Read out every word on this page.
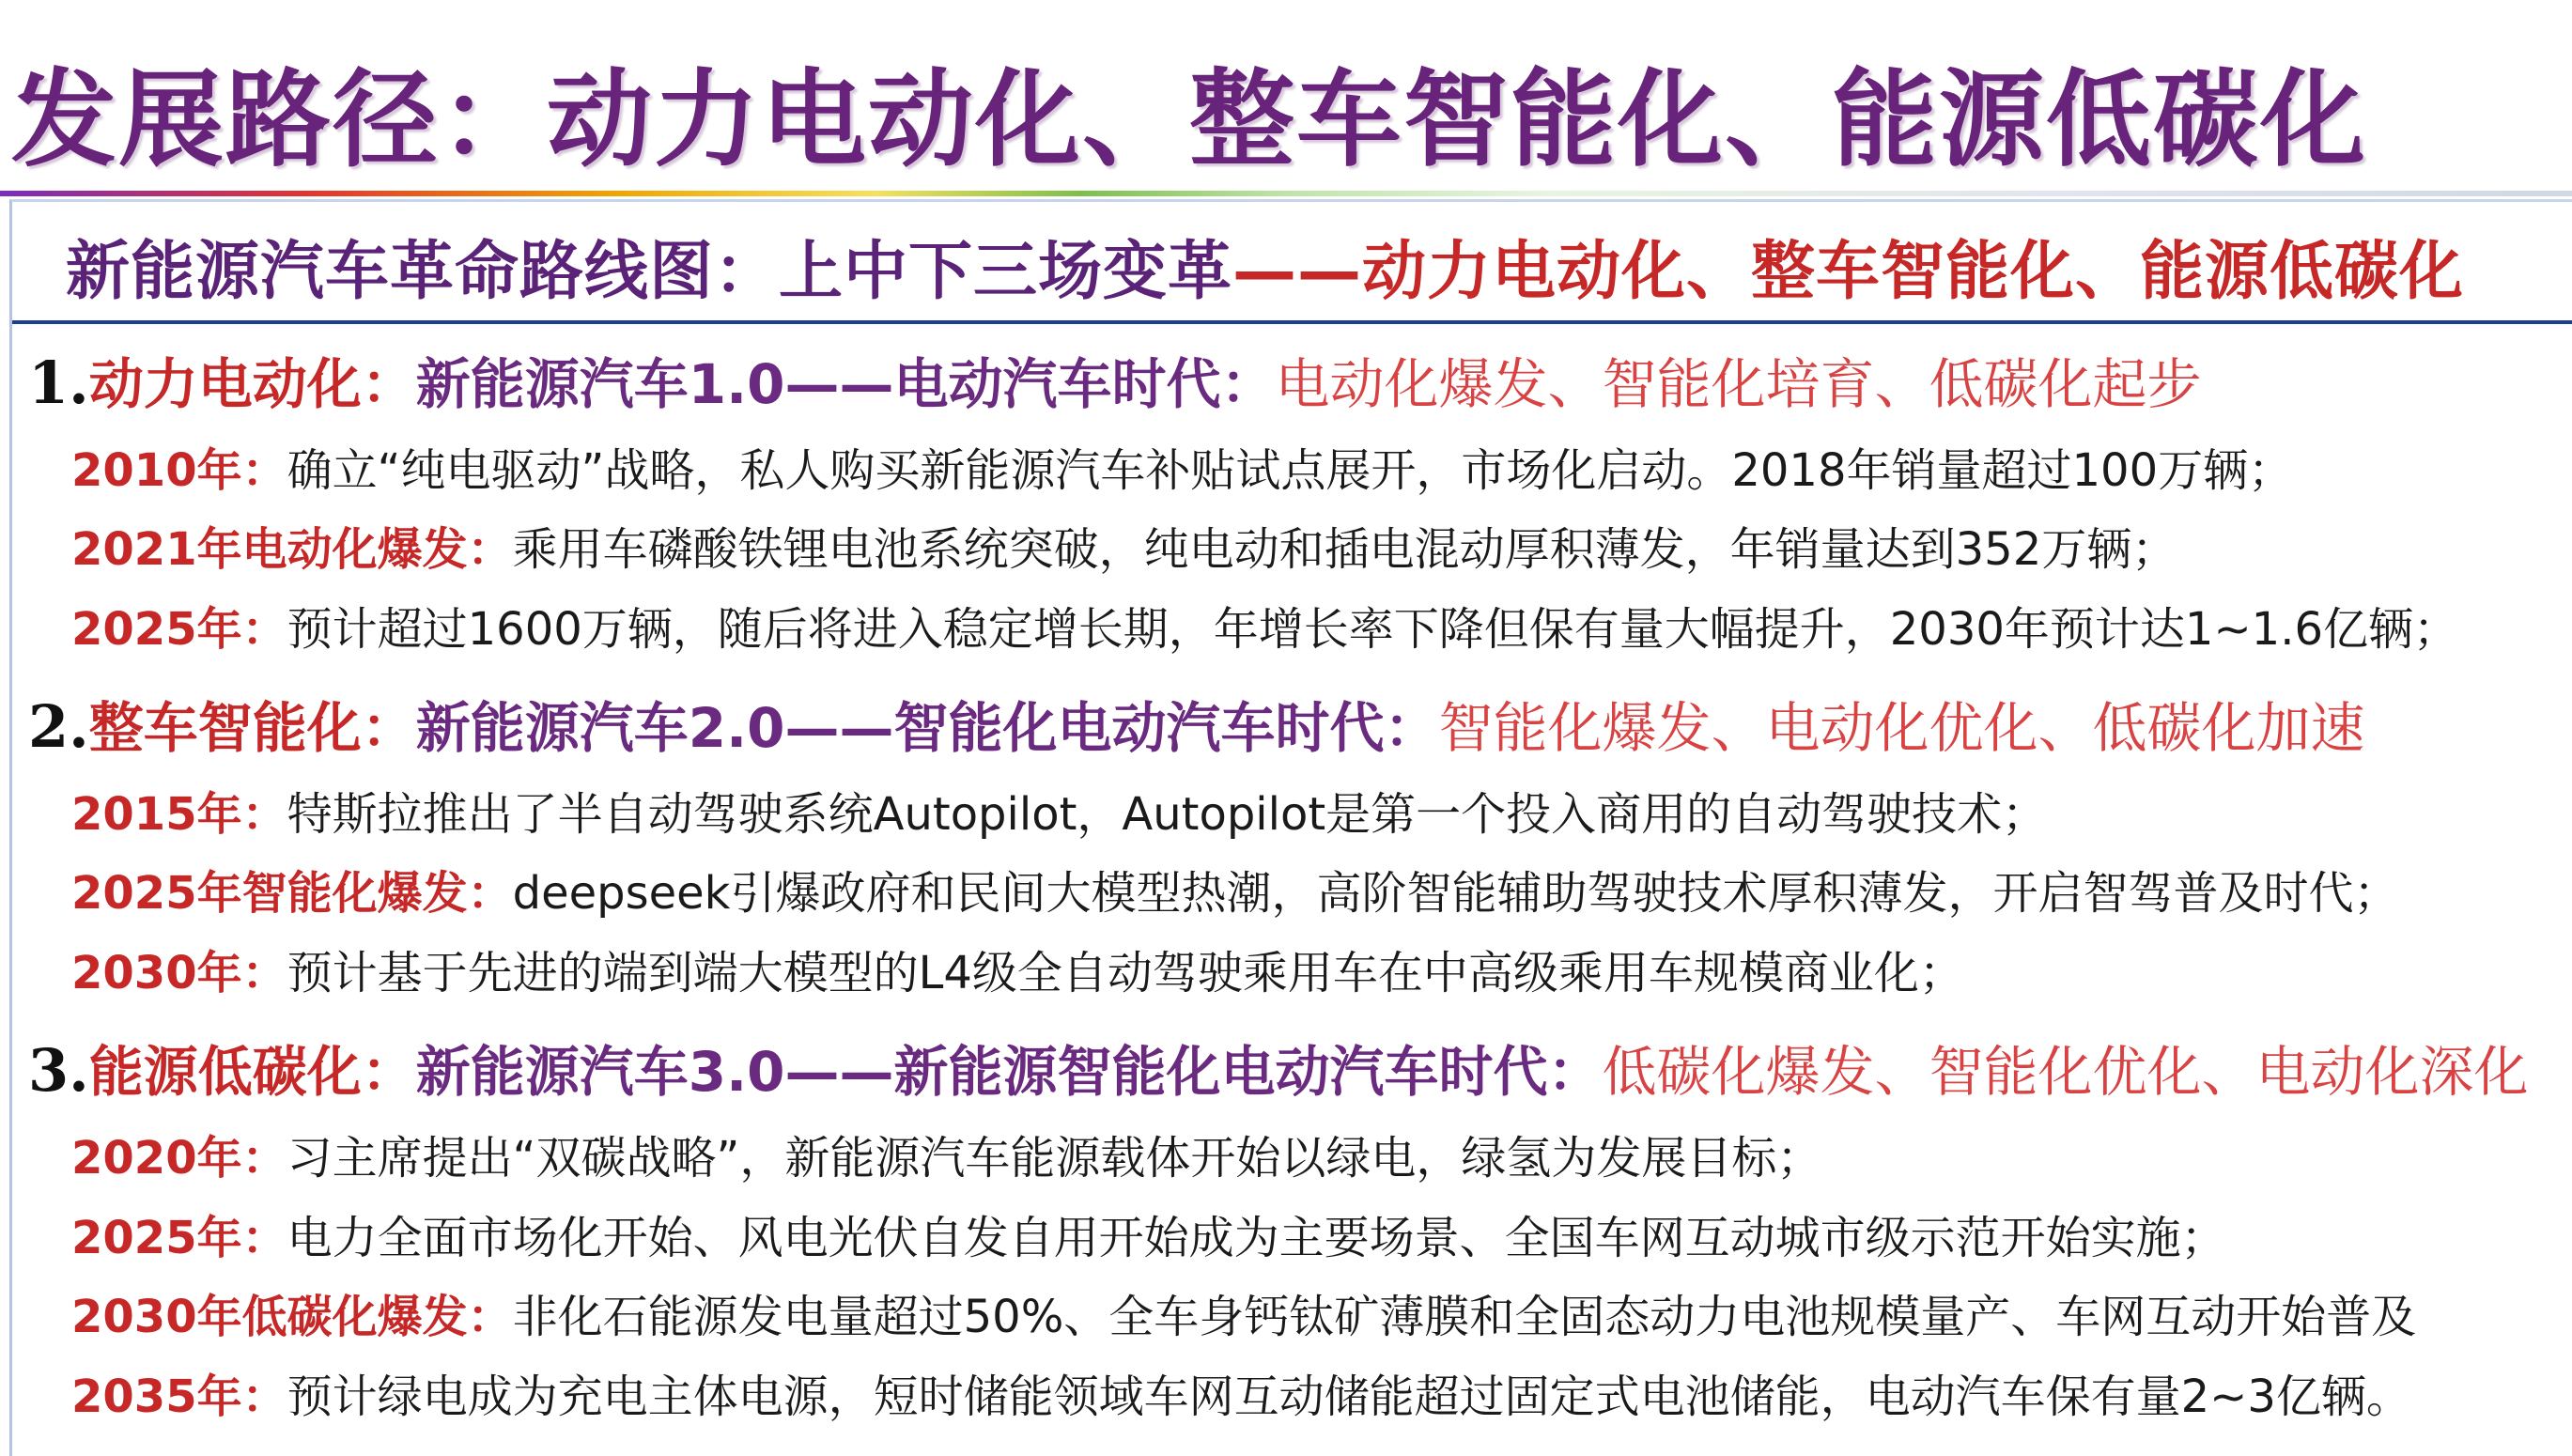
发展路径：动力电动化、整车智能化、能源低碳化

新能源汽车革命路线图：上中下三场变革——动力电动化、整车智能化、能源低碳化

1.动力电动化：新能源汽车1.0——电动汽车时代：电动化爆发、智能化培育、低碳化起步

2010年：确立“纯电驱动”战略，私人购买新能源汽车补贴试点展开，市场化启动。2018年销量超过100万辆；

2021年电动化爆发：乘用车磷酸铁锂电池系统突破，纯电动和插电混动厚积薄发，年销量达到352万辆；

2025年：预计超过1600万辆，随后将进入稳定增长期，年增长率下降但保有量大幅提升，2030年预计达1~1.6亿辆；

2.整车智能化：新能源汽车2.0——智能化电动汽车时代：智能化爆发、电动化优化、低碳化加速

2015年：特斯拉推出了半自动驾驶系统Autopilot，Autopilot是第一个投入商用的自动驾驶技术；

2025年智能化爆发：deepseek引爆政府和民间大模型热潮，高阶智能辅助驾驶技术厚积薄发，开启智驾普及时代；

2030年：预计基于先进的端到端大模型的L4级全自动驾驶乘用车在中高级乘用车规模商业化；

3.能源低碳化：新能源汽车3.0——新能源智能化电动汽车时代：低碳化爆发、智能化优化、电动化深化

2020年：习主席提出“双碳战略”，新能源汽车能源载体开始以绿电，绿氢为发展目标；

2025年：电力全面市场化开始、风电光伏自发自用开始成为主要场景、全国车网互动城市级示范开始实施；

2030年低碳化爆发：非化石能源发电量超过50%、全车身钙钛矿薄膜和全固态动力电池规模量产、车网互动开始普及

2035年：预计绿电成为充电主体电源，短时储能领域车网互动储能超过固定式电池储能，电动汽车保有量2~3亿辆。
